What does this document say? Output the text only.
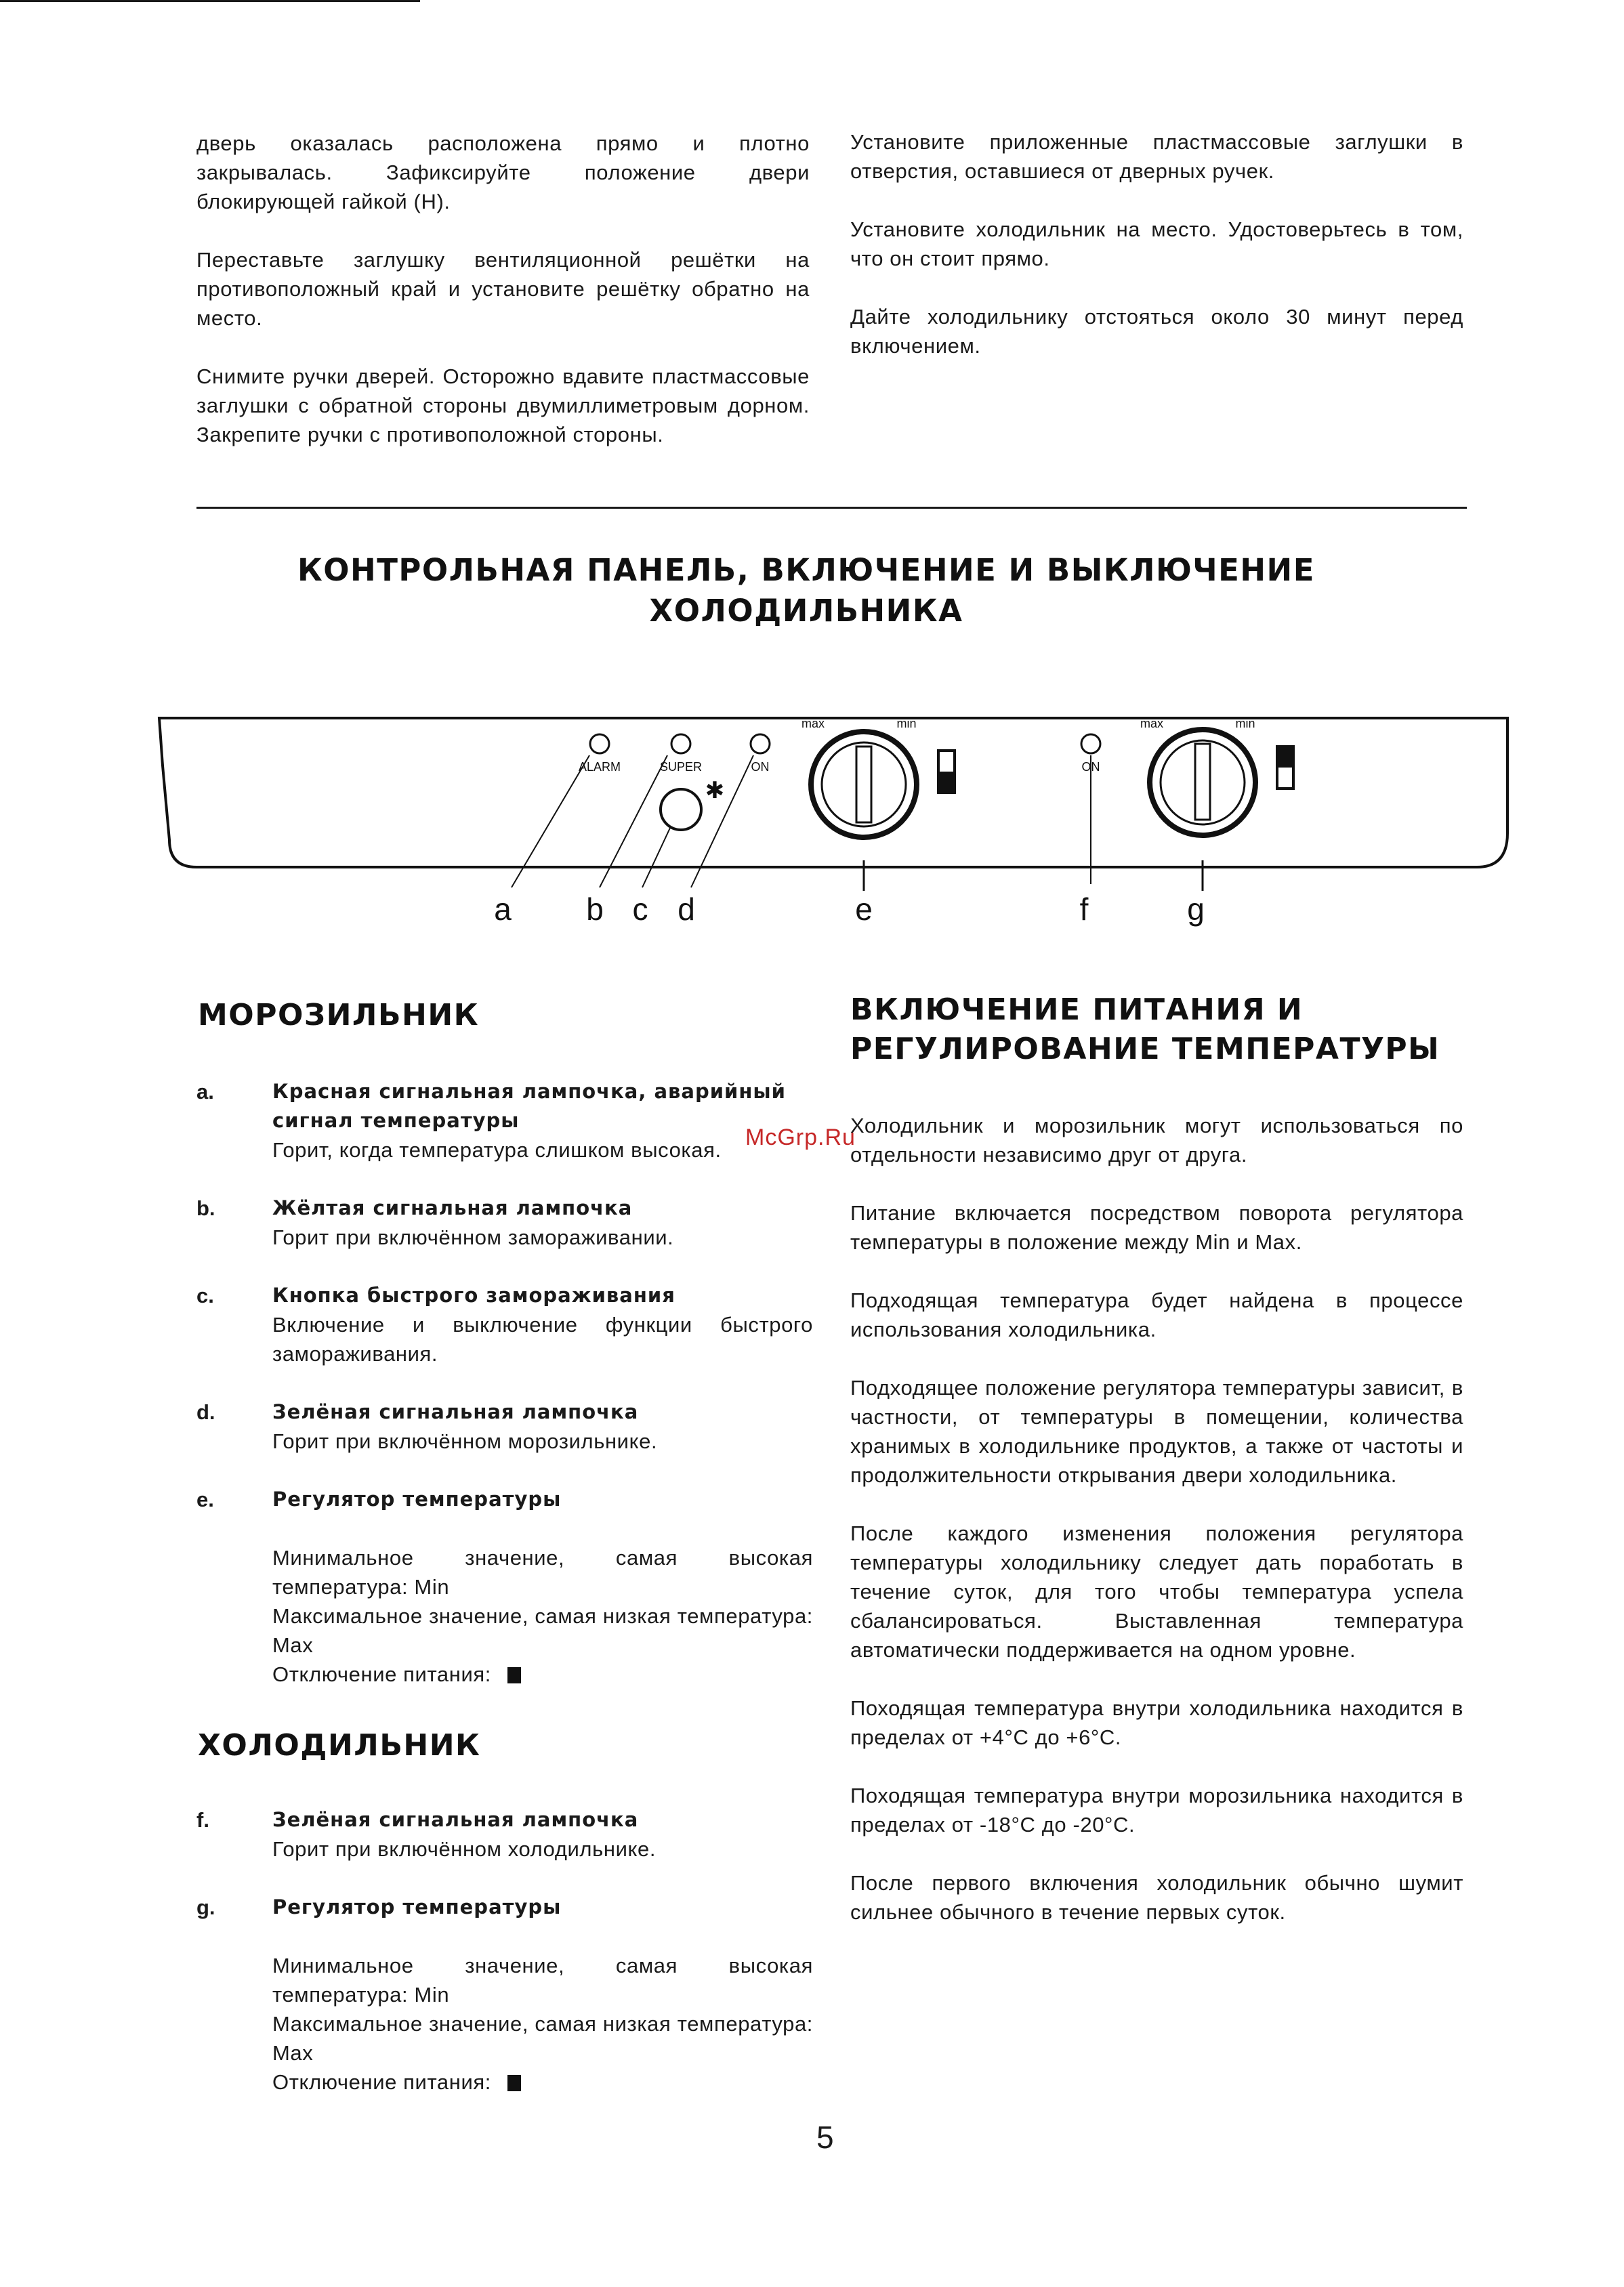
дверь оказалась расположена прямо и плотно закрывалась. Зафиксируйте положение двери блокирующей гайкой (Н).

Переставьте заглушку вентиляционной решётки на противоположный край и установите решётку обратно на место.

Снимите ручки дверей. Осторожно вдавите пластмассовые заглушки с обратной стороны двумиллиметровым дорном. Закрепите ручки с противоположной стороны.

Установите приложенные пластмассовые заглушки в отверстия, оставшиеся от дверных ручек.

Установите холодильник на место. Удостоверьтесь в том, что он стоит прямо.

Дайте холодильнику отстояться около 30 минут перед включением.

КОНТРОЛЬНАЯ ПАНЕЛЬ, ВКЛЮЧЕНИЕ И ВЫКЛЮЧЕНИЕ ХОЛОДИЛЬНИКА
ALARM	SUPER	ON
✱
max	min
ON
max	min
a b c d	e	f	g
МОРОЗИЛЬНИК
a.	Красная сигнальная лампочка, аварийный сигнал температуры

Горит, когда температура слишком высокая.

b.	Жёлтая сигнальная лампочка

Горит при включённом замораживании.

c.	Кнопка быстрого замораживания

Включение и выключение функции быстрого замораживания.

d.	Зелёная сигнальная лампочка

Горит при включённом морозильнике.

e.	Регулятор температуры

Минимальное значение, самая высокая температура: Min

Максимальное значение, самая низкая температура: Max

Отключение питания:

ХОЛОДИЛЬНИК
f.	Зелёная сигнальная лампочка

Горит при включённом холодильнике.

g.	Регулятор температуры

Минимальное значение, самая высокая температура: Min

Максимальное значение, самая низкая температура: Max

Отключение питания:

ВКЛЮЧЕНИЕ ПИТАНИЯ И
РЕГУЛИРОВАНИЕ ТЕМПЕРАТУРЫ

Холодильник и морозильник могут использоваться по отдельности независимо друг от друга.

Питание включается посредством поворота регулятора температуры в положение между Min и Max.

Подходящая температура будет найдена в процессе использования холодильника.

Подходящее положение регулятора температуры зависит, в частности, от температуры в помещении, количества хранимых в холодильнике продуктов, а также от частоты и продолжительности открывания двери холодильника.

После каждого изменения положения регулятора температуры холодильнику следует дать поработать в течение суток, для того чтобы температура успела сбалансироваться. Выставленная температура автоматически поддерживается на одном уровне.

Походящая температура внутри холодильника находится в пределах от +4°C до +6°C.

Походящая температура внутри морозильника находится в пределах от -18°C до -20°C.

После первого включения холодильник обычно шумит сильнее обычного в течение первых суток.

McGrp.Ru
5
